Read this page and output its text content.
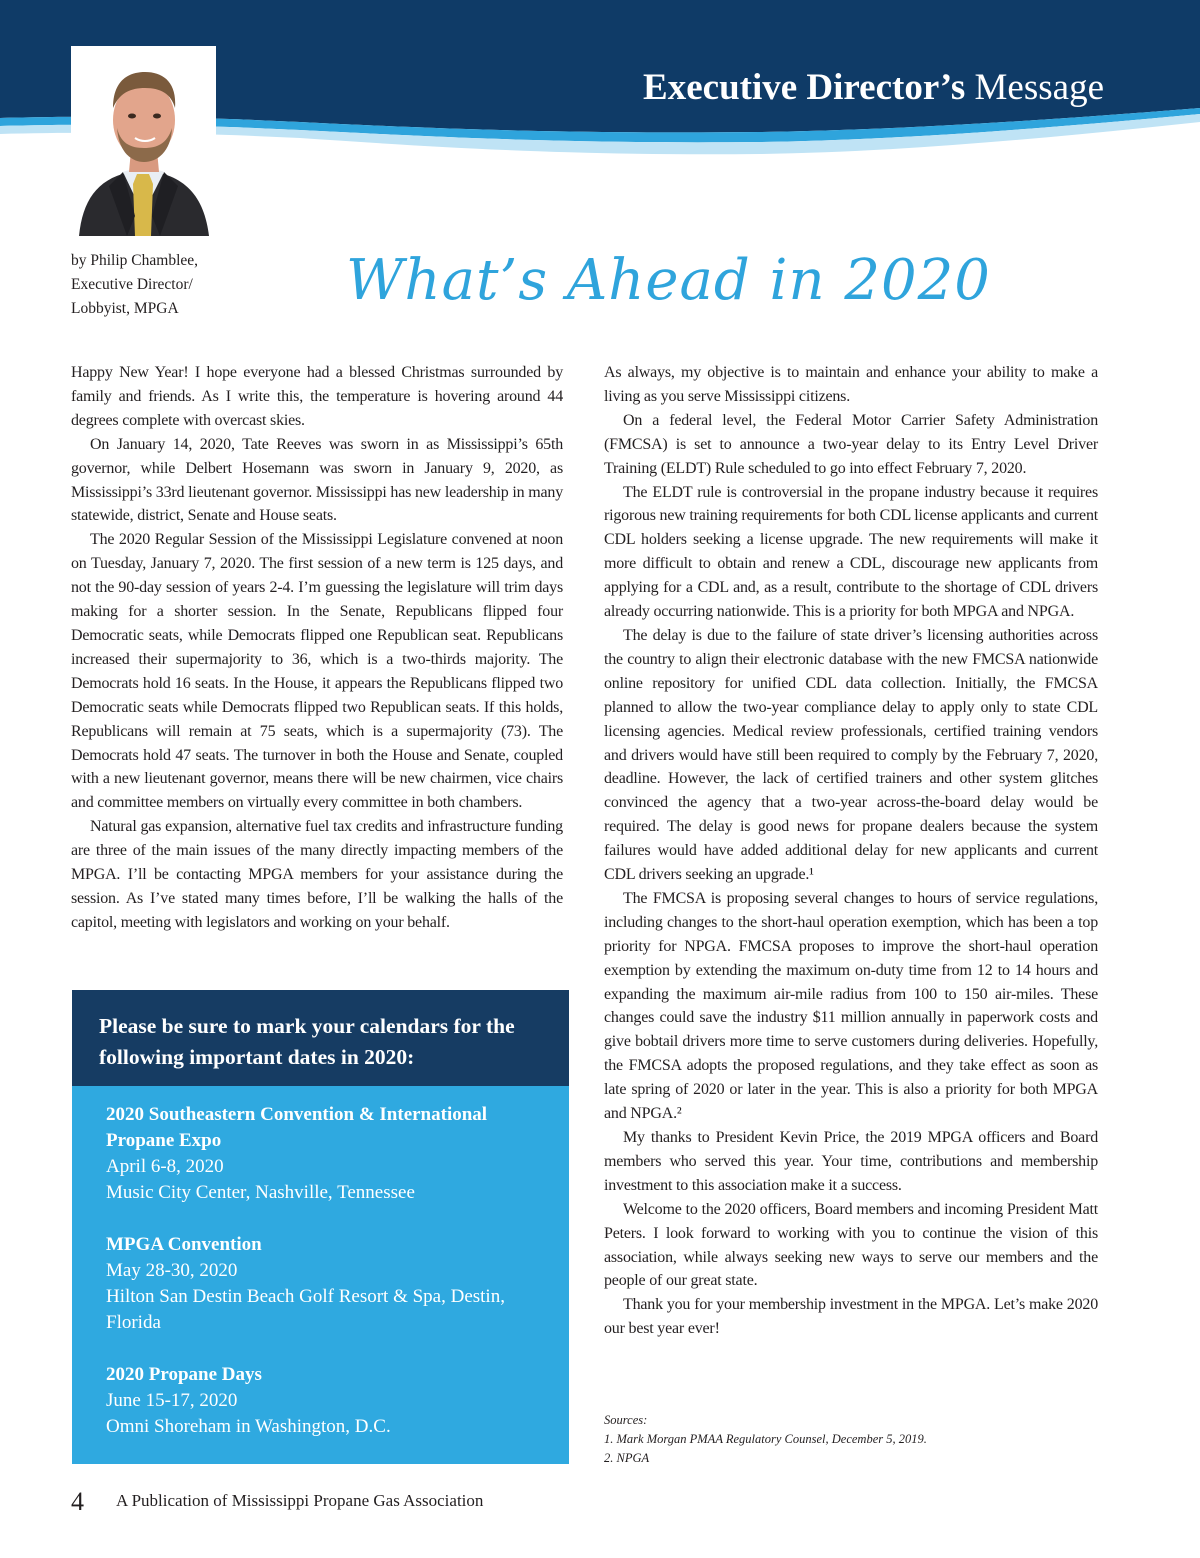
Executive Director’s Message
by Philip Chamblee,
Executive Director/
Lobbyist, MPGA	What’s Ahead in 2020

Happy New Year! I hope everyone had a blessed Christmas surrounded by family and friends. As I write this, the temperature is hovering around 44 degrees complete with overcast skies.

On January 14, 2020, Tate Reeves was sworn in as Mississippi’s 65th governor, while Delbert Hosemann was sworn in January 9, 2020, as Mississippi’s 33rd lieutenant governor. Mississippi has new leadership in many statewide, district, Senate and House seats.

The 2020 Regular Session of the Mississippi Legislature convened at noon on Tuesday, January 7, 2020. The first session of a new term is 125 days, and not the 90-day session of years 2-4. I’m guessing the legislature will trim days making for a shorter session. In the Senate, Republicans flipped four Democratic seats, while Democrats flipped one Republican seat. Republicans increased their supermajority to 36, which is a two-thirds majority. The Democrats hold 16 seats. In the House, it appears the Republicans flipped two Democratic seats while Democrats flipped two Republican seats. If this holds, Republicans will remain at 75 seats, which is a supermajority (73). The Democrats hold 47 seats. The turnover in both the House and Senate, coupled with a new lieutenant governor, means there will be new chairmen, vice chairs and committee members on virtually every committee in both chambers.

Natural gas expansion, alternative fuel tax credits and infrastructure funding are three of the main issues of the many directly impacting members of the MPGA. I’ll be contacting MPGA members for your assistance during the session. As I’ve stated many times before, I’ll be walking the halls of the capitol, meeting with legislators and working on your behalf.

As always, my objective is to maintain and enhance your ability to make a living as you serve Mississippi citizens.

On a federal level, the Federal Motor Carrier Safety Administration (FMCSA) is set to announce a two-year delay to its Entry Level Driver Training (ELDT) Rule scheduled to go into effect February 7, 2020.

The ELDT rule is controversial in the propane industry because it requires rigorous new training requirements for both CDL license applicants and current CDL holders seeking a license upgrade. The new requirements will make it more difficult to obtain and renew a CDL, discourage new applicants from applying for a CDL and, as a result, contribute to the shortage of CDL drivers already occurring nationwide. This is a priority for both MPGA and NPGA.

The delay is due to the failure of state driver’s licensing authorities across the country to align their electronic database with the new FMCSA nationwide online repository for unified CDL data collection. Initially, the FMCSA planned to allow the two-year compliance delay to apply only to state CDL licensing agencies. Medical review professionals, certified training vendors and drivers would have still been required to comply by the February 7, 2020, deadline. However, the lack of certified trainers and other system glitches convinced the agency that a two-year across-the-board delay would be required. The delay is good news for propane dealers because the system failures would have added additional delay for new applicants and current CDL drivers seeking an upgrade.¹

The FMCSA is proposing several changes to hours of service regulations, including changes to the short-haul operation exemption, which has been a top priority for NPGA. FMCSA proposes to improve the short-haul operation exemption by extending the maximum on-duty time from 12 to 14 hours and expanding the maximum air-mile radius from 100 to 150 air-miles. These changes could save the industry $11 million annually in paperwork costs and give bobtail drivers more time to serve customers during deliveries. Hopefully, the FMCSA adopts the proposed regulations, and they take effect as soon as late spring of 2020 or later in the year. This is also a priority for both MPGA and NPGA.²

My thanks to President Kevin Price, the 2019 MPGA officers and Board members who served this year. Your time, contributions and membership investment to this association make it a success.

Welcome to the 2020 officers, Board members and incoming President Matt Peters. I look forward to working with you to continue the vision of this association, while always seeking new ways to serve our members and the people of our great state.

Thank you for your membership investment in the MPGA. Let’s make 2020 our best year ever!

Sources:
1. Mark Morgan PMAA Regulatory Counsel, December 5, 2019.
2. NPGA
Please be sure to mark your calendars for the following important dates in 2020:
2020 Southeastern Convention & International Propane Expo
April 6-8, 2020
Music City Center, Nashville, Tennessee
MPGA Convention
May 28-30, 2020
Hilton San Destin Beach Golf Resort & Spa, Destin, Florida
2020 Propane Days
June 15-17, 2020
Omni Shoreham in Washington, D.C.
4 A Publication of Mississippi Propane Gas Association
